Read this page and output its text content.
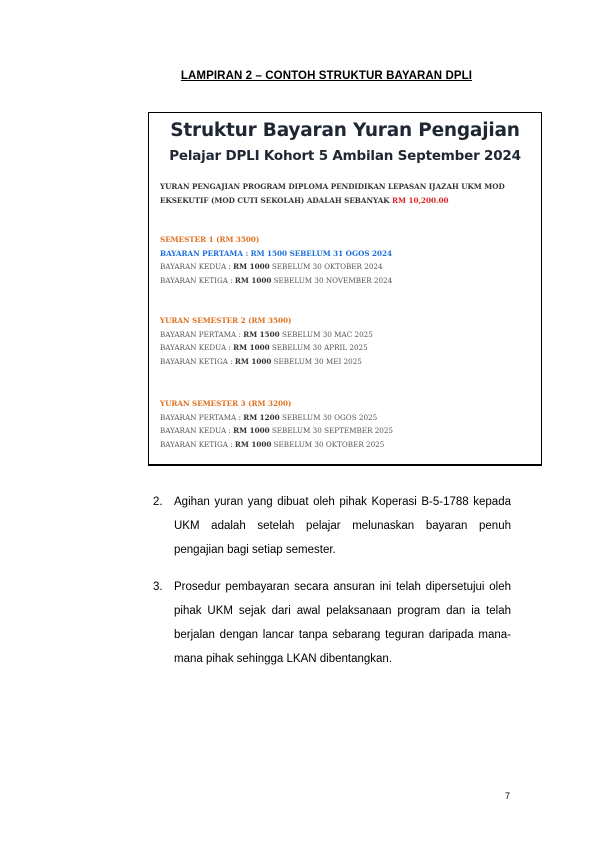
LAMPIRAN 2 – CONTOH STRUKTUR BAYARAN DPLI
Struktur Bayaran Yuran Pengajian
Pelajar DPLI Kohort 5 Ambilan September 2024
YURAN PENGAJIAN PROGRAM DIPLOMA PENDIDIKAN LEPASAN IJAZAH UKM MOD EKSEKUTIF (MOD CUTI SEKOLAH) ADALAH SEBANYAK RM 10,200.00
SEMESTER 1 (RM 3500)
BAYARAN PERTAMA : RM 1500 SEBELUM 31 OGOS 2024
BAYARAN KEDUA : RM 1000 SEBELUM 30 OKTOBER 2024
BAYARAN KETIGA : RM 1000 SEBELUM 30 NOVEMBER 2024
YURAN SEMESTER 2 (RM 3500)
BAYARAN PERTAMA : RM 1500 SEBELUM 30 MAC 2025
BAYARAN KEDUA : RM 1000 SEBELUM 30 APRIL 2025
BAYARAN KETIGA : RM 1000 SEBELUM 30 MEI 2025
YURAN SEMESTER 3 (RM 3200)
BAYARAN PERTAMA : RM 1200 SEBELUM 30 OGOS 2025
BAYARAN KEDUA : RM 1000 SEBELUM 30 SEPTEMBER 2025
BAYARAN KETIGA : RM 1000 SEBELUM 30 OKTOBER 2025
2. Agihan yuran yang dibuat oleh pihak Koperasi B-5-1788 kepada UKM adalah setelah pelajar melunaskan bayaran penuh pengajian bagi setiap semester.
3. Prosedur pembayaran secara ansuran ini telah dipersetujui oleh pihak UKM sejak dari awal pelaksanaan program dan ia telah berjalan dengan lancar tanpa sebarang teguran daripada mana-mana pihak sehingga LKAN dibentangkan.
7
